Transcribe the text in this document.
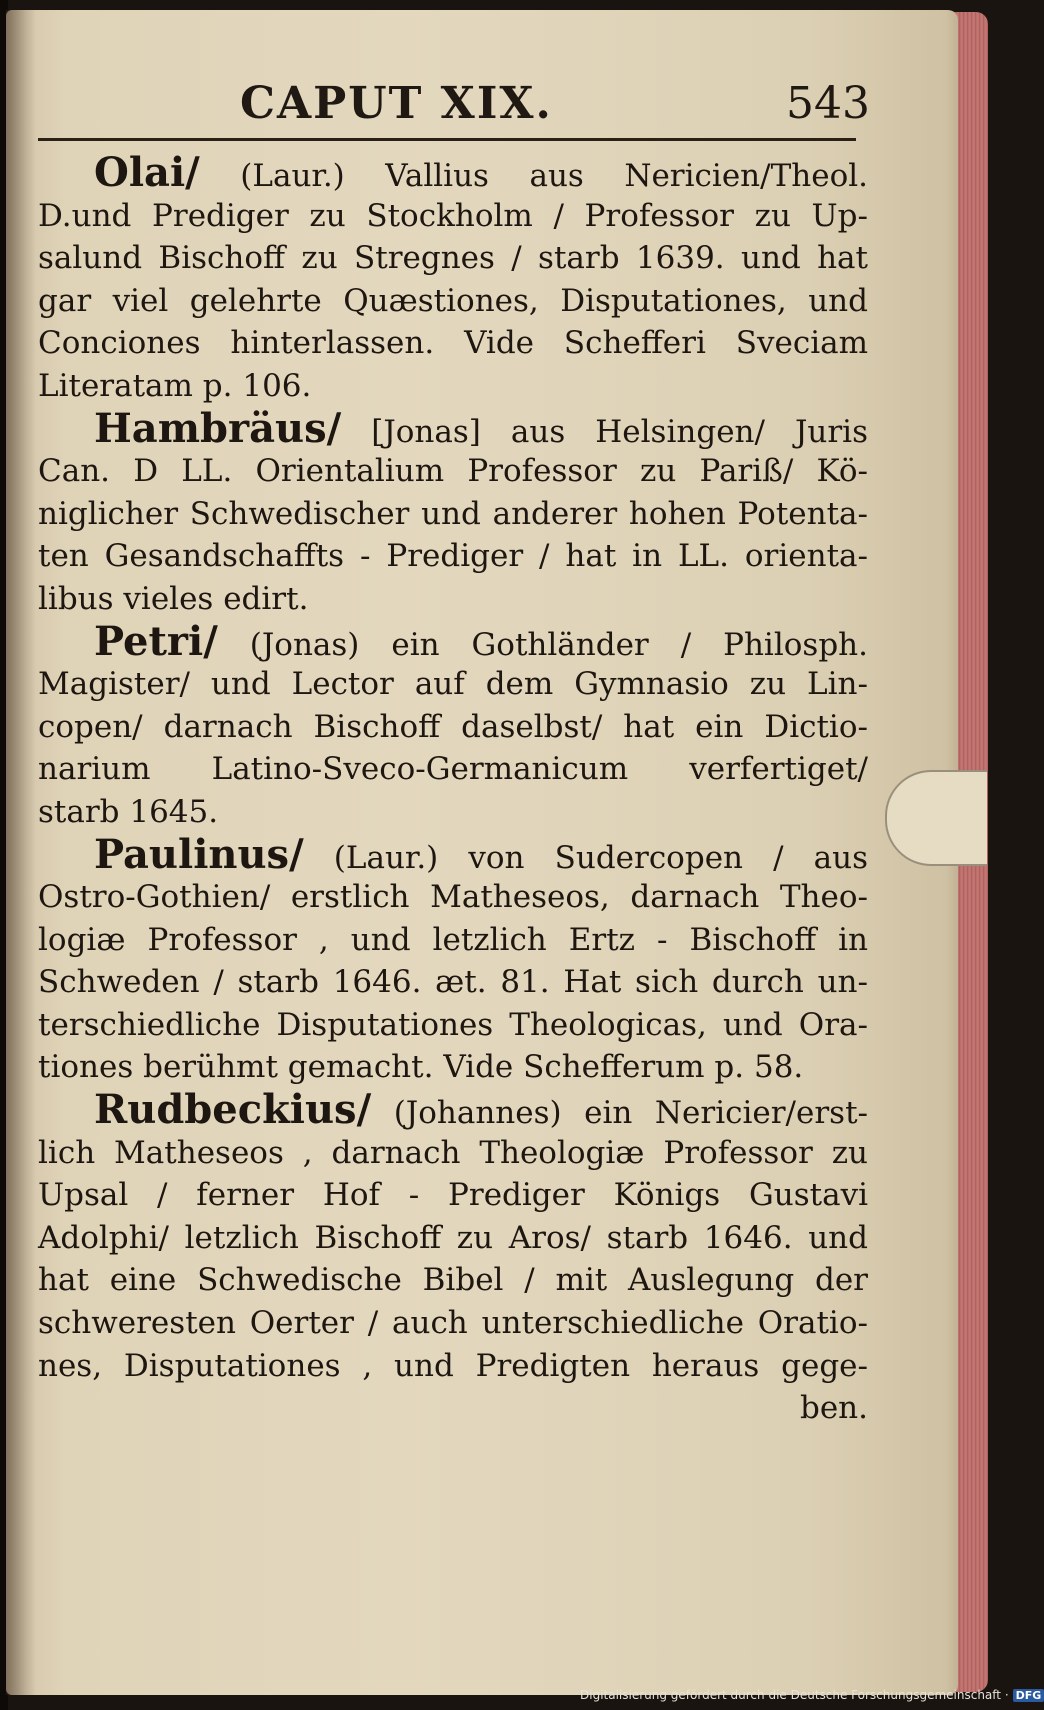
CAPUT XIX.	543
Olai/ (Laur.) Vallius aus Nericien/Theol.
D.und Prediger zu Stockholm / Professor zu Up-
salund Bischoff zu Stregnes / starb 1639. und hat
gar viel gelehrte Quæstiones, Disputationes, und
Conciones hinterlassen. Vide Schefferi Sveciam
Literatam p. 106.
Hambräus/ [Jonas] aus Helsingen/ Juris
Can. D LL. Orientalium Professor zu Pariß/ Kö-
niglicher Schwedischer und anderer hohen Potenta-
ten Gesandschaffts - Prediger / hat in LL. orienta-
libus vieles edirt.
Petri/ (Jonas) ein Gothländer / Philosph.
Magister/ und Lector auf dem Gymnasio zu Lin-
copen/ darnach Bischoff daselbst/ hat ein Dictio-
narium Latino-Sveco-Germanicum verfertiget/
starb 1645.
Paulinus/ (Laur.) von Sudercopen / aus
Ostro-Gothien/ erstlich Matheseos, darnach Theo-
logiæ Professor , und letzlich Ertz - Bischoff in
Schweden / starb 1646. æt. 81. Hat sich durch un-
terschiedliche Disputationes Theologicas, und Ora-
tiones berühmt gemacht. Vide Schefferum p. 58.
Rudbeckius/ (Johannes) ein Nericier/erst-
lich Matheseos , darnach Theologiæ Professor zu
Upsal / ferner Hof - Prediger Königs Gustavi
Adolphi/ letzlich Bischoff zu Aros/ starb 1646. und
hat eine Schwedische Bibel / mit Auslegung der
schweresten Oerter / auch unterschiedliche Oratio-
nes, Disputationes , und Predigten heraus gege-
ben.
Digitalisierung gefördert durch die Deutsche Forschungsgemeinschaft · DFG
